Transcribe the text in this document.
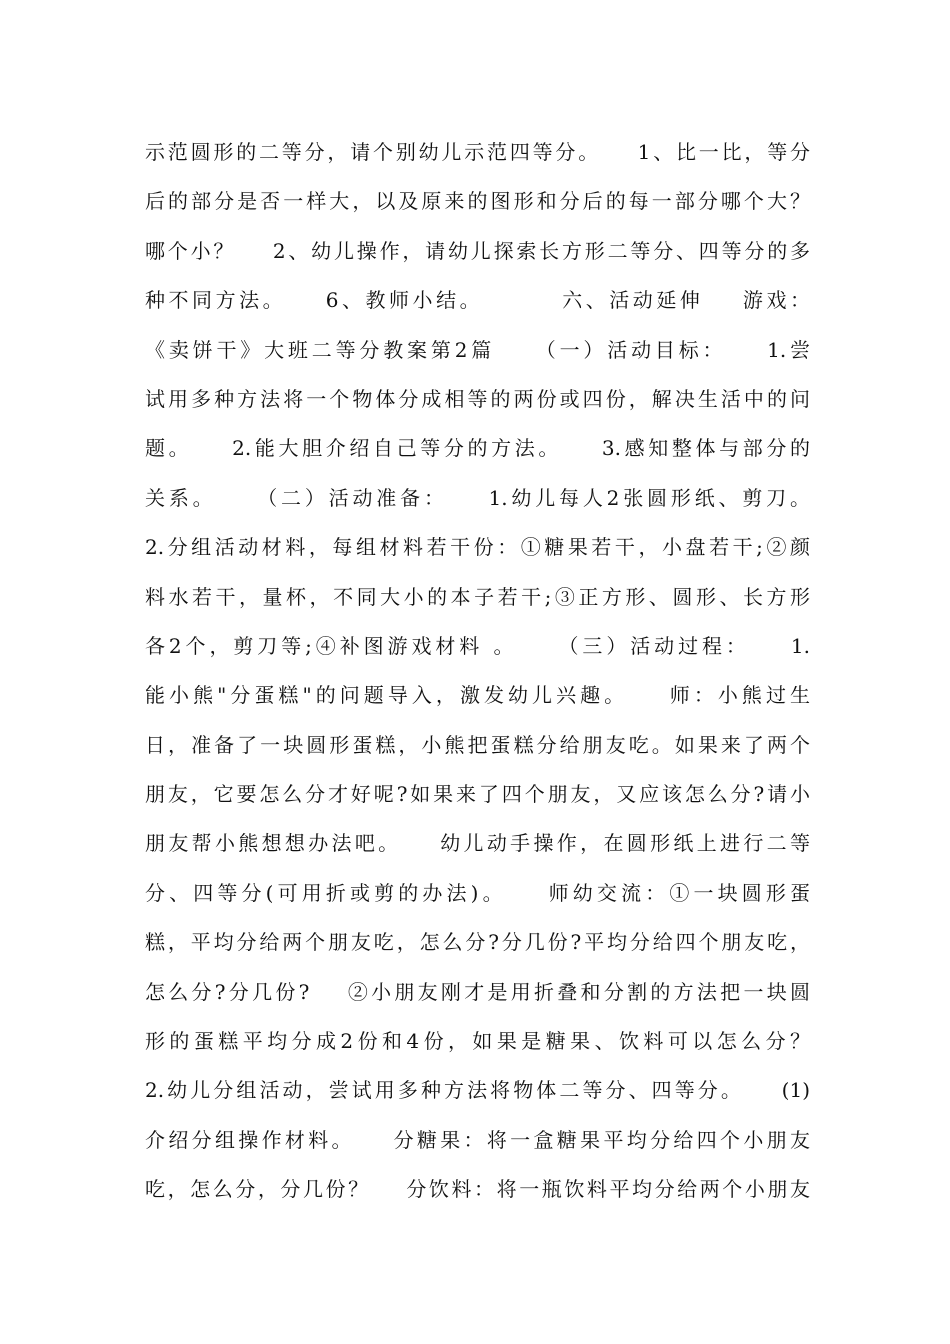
示范圆形的二等分，请个别幼儿示范四等分。    1、比一比，等分
后的部分是否一样大，以及原来的图形和分后的每一部分哪个大？
哪个小？    2、幼儿操作，请幼儿探索长方形二等分、四等分的多
种不同方法。    6、教师小结。        六、活动延伸    游戏：
《卖饼干》大班二等分教案第2篇    （一）活动目标：    1.尝
试用多种方法将一个物体分成相等的两份或四份，解决生活中的问
题。    2.能大胆介绍自己等分的方法。    3.感知整体与部分的
关系。    （二）活动准备：    1.幼儿每人2张圆形纸、剪刀。
2.分组活动材料，每组材料若干份：①糖果若干，小盘若干;②颜
料水若干，量杯，不同大小的本子若干;③正方形、圆形、长方形
各2个，剪刀等;④补图游戏材料 。    （三）活动过程：    1.
能小熊"分蛋糕"的问题导入，激发幼儿兴趣。    师：小熊过生
日，准备了一块圆形蛋糕，小熊把蛋糕分给朋友吃。如果来了两个
朋友，它要怎么分才好呢?如果来了四个朋友，又应该怎么分?请小
朋友帮小熊想想办法吧。    幼儿动手操作，在圆形纸上进行二等
分、四等分(可用折或剪的办法)。    师幼交流：①一块圆形蛋
糕，平均分给两个朋友吃，怎么分?分几份?平均分给四个朋友吃，
怎么分?分几份?    ②小朋友刚才是用折叠和分割的方法把一块圆
形的蛋糕平均分成2份和4份，如果是糖果、饮料可以怎么分？
2.幼儿分组活动，尝试用多种方法将物体二等分、四等分。    (1)
介绍分组操作材料。    分糖果：将一盒糖果平均分给四个小朋友
吃，怎么分，分几份？    分饮料：将一瓶饮料平均分给两个小朋友
